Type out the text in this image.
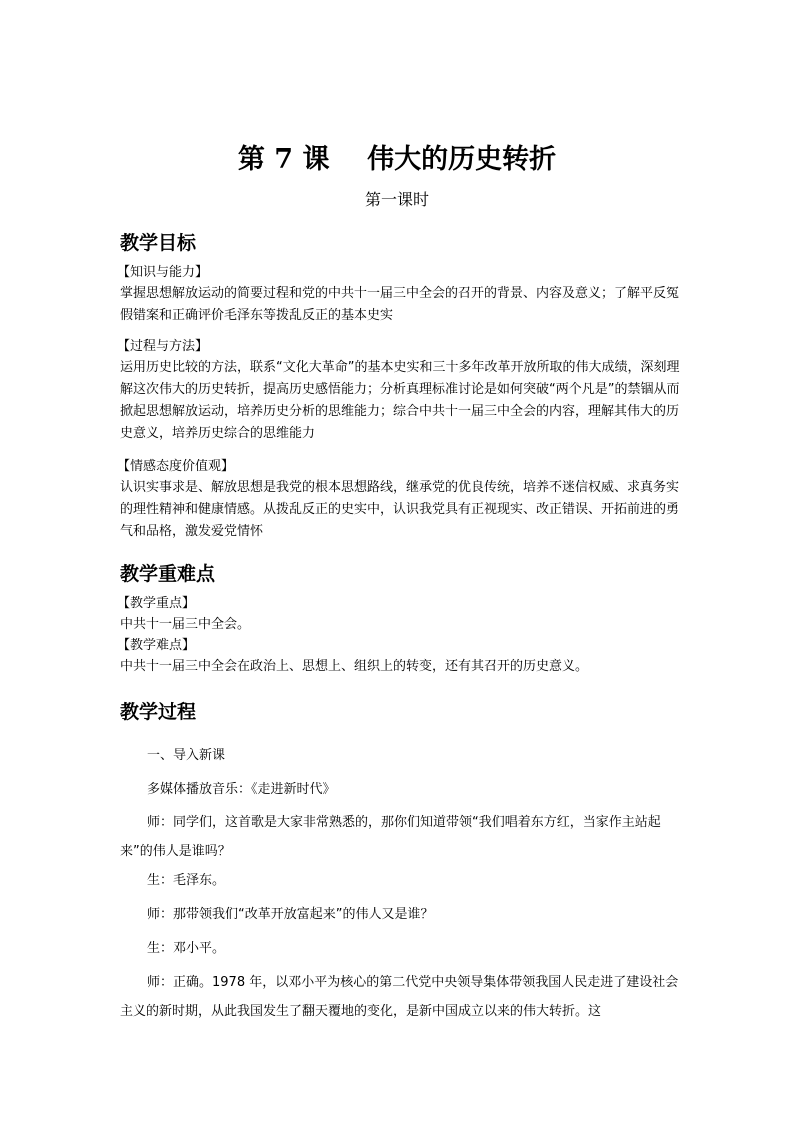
第 7 课    伟大的历史转折
第一课时
教学目标
【知识与能力】
掌握思想解放运动的简要过程和党的中共十一届三中全会的召开的背景、内容及意义；了解平反冤假错案和正确评价毛泽东等拨乱反正的基本史实
【过程与方法】
运用历史比较的方法，联系“文化大革命”的基本史实和三十多年改革开放所取的伟大成绩，深刻理解这次伟大的历史转折，提高历史感悟能力；分析真理标准讨论是如何突破“两个凡是”的禁锢从而掀起思想解放运动，培养历史分析的思维能力；综合中共十一届三中全会的内容，理解其伟大的历史意义，培养历史综合的思维能力
【情感态度价值观】
认识实事求是、解放思想是我党的根本思想路线，继承党的优良传统，培养不迷信权威、求真务实的理性精神和健康情感。从拨乱反正的史实中，认识我党具有正视现实、改正错误、开拓前进的勇气和品格，激发爱党情怀
教学重难点
【教学重点】
中共十一届三中全会。
【教学难点】
中共十一届三中全会在政治上、思想上、组织上的转变，还有其召开的历史意义。
教学过程
一、导入新课
多媒体播放音乐：《走进新时代》
师：同学们，这首歌是大家非常熟悉的，那你们知道带领“我们唱着东方红，当家作主站起来”的伟人是谁吗？
生：毛泽东。
师：那带领我们“改革开放富起来”的伟人又是谁？
生：邓小平。
师：正确。1978 年，以邓小平为核心的第二代党中央领导集体带领我国人民走进了建设社会主义的新时期，从此我国发生了翻天覆地的变化，是新中国成立以来的伟大转折。这
